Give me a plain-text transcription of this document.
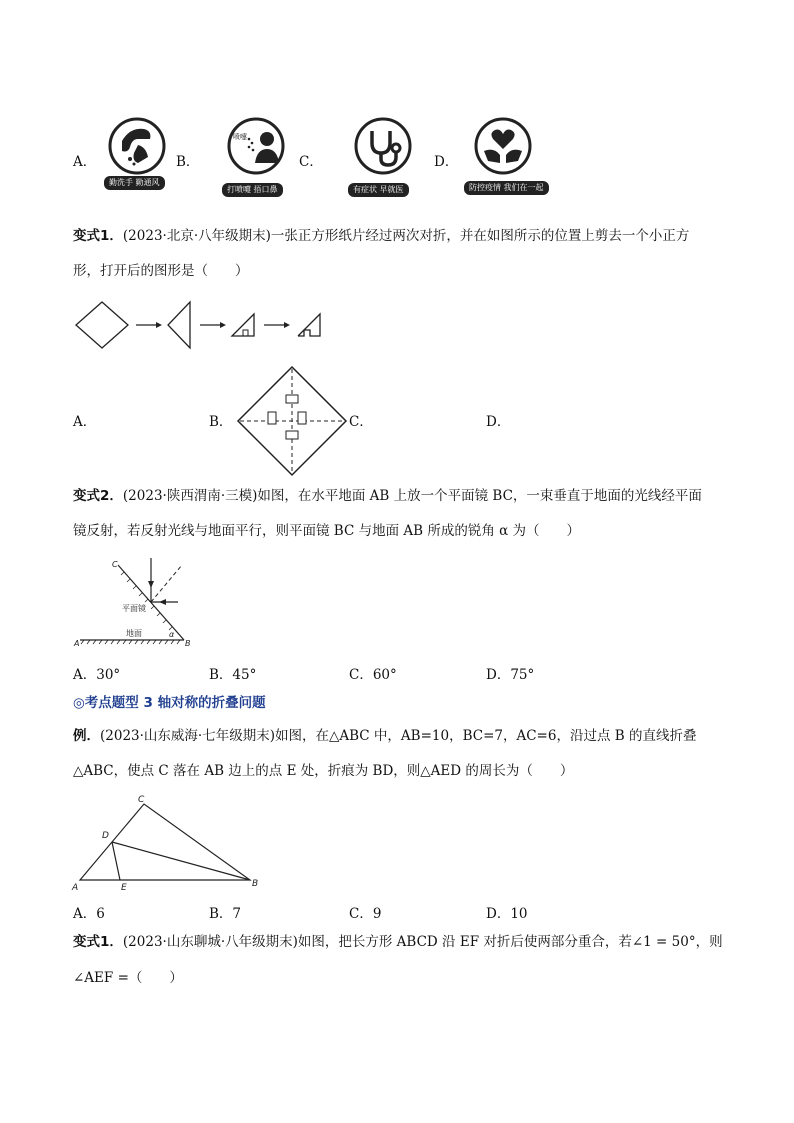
A．
勤洗手 勤通风
B．
喷嚏
打喷嚏 捂口鼻
C．
有症状 早就医
D．
防控疫情 我们在一起
变式1．(2023·北京·八年级期末)一张正方形纸片经过两次对折，并在如图所示的位置上剪去一个小正方
形，打开后的图形是（　　）
A．	B．	C．	D．
变式2．(2023·陕西渭南·三模)如图，在水平地面 AB 上放一个平面镜 BC，一束垂直于地面的光线经平面
镜反射，若反射光线与地面平行，则平面镜 BC 与地面 AB 所成的锐角 α 为（　　）
C
平面镜
地面
A	B
α
A．30°	B．45°	C．60°	D．75°
◎考点题型 3 轴对称的折叠问题
例．(2023·山东威海·七年级期末)如图，在△ABC 中，AB=10，BC=7，AC=6，沿过点 B 的直线折叠
△ABC，使点 C 落在 AB 边上的点 E 处，折痕为 BD，则△AED 的周长为（　　）
C
D
A	E	B
A．6	B．7	C．9	D．10
变式1．(2023·山东聊城·八年级期末)如图，把长方形 ABCD 沿 EF 对折后使两部分重合，若∠1 = 50°，则
∠AEF =（　　）
